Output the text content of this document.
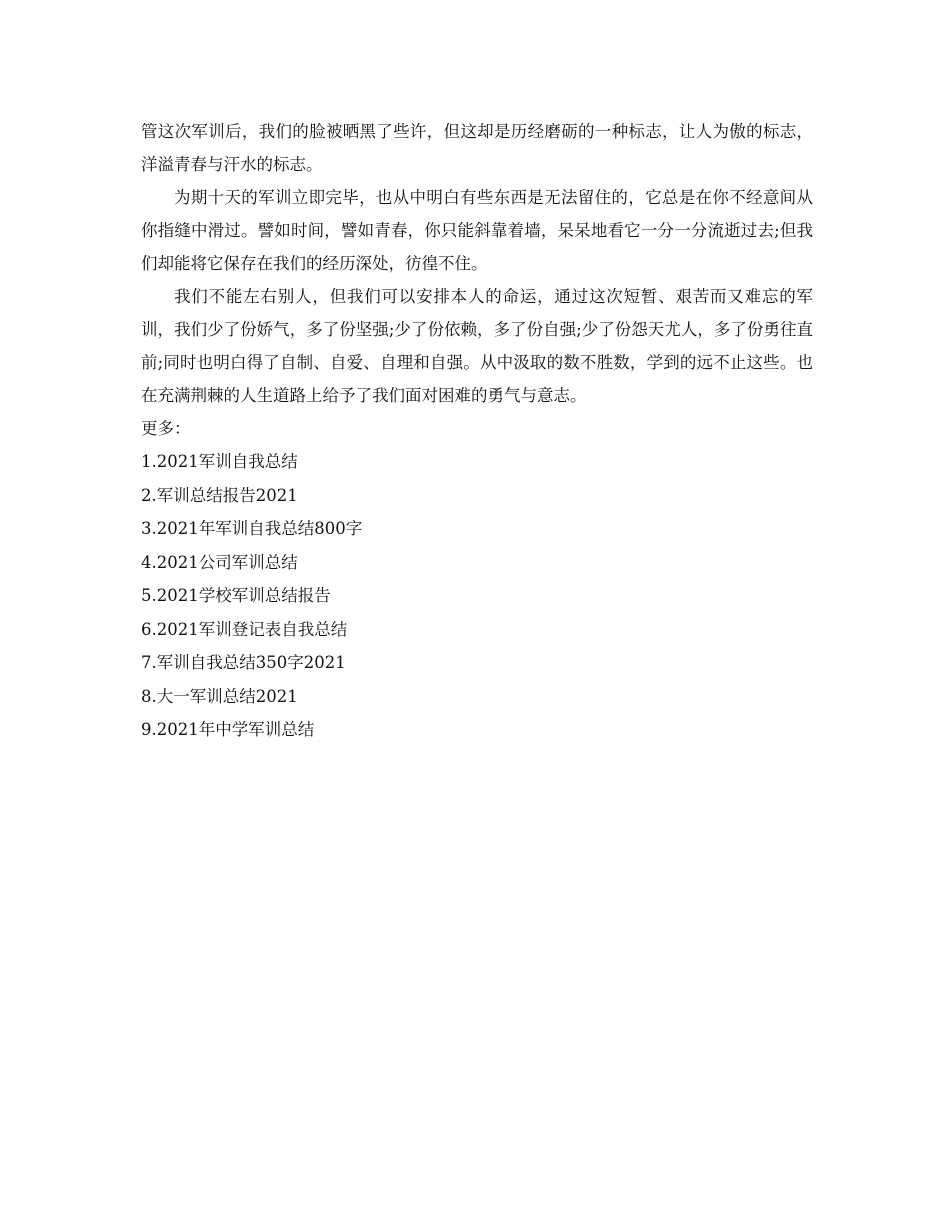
管这次军训后，我们的脸被晒黑了些许，但这却是历经磨砺的一种标志，让人为傲的标志，洋溢青春与汗水的标志。

为期十天的军训立即完毕，也从中明白有些东西是无法留住的，它总是在你不经意间从你指缝中滑过。譬如时间，譬如青春，你只能斜靠着墙，呆呆地看它一分一分流逝过去;但我们却能将它保存在我们的经历深处，彷徨不住。

我们不能左右别人，但我们可以安排本人的命运，通过这次短暂、艰苦而又难忘的军训，我们少了份娇气，多了份坚强;少了份依赖，多了份自强;少了份怨天尤人，多了份勇往直前;同时也明白得了自制、自爱、自理和自强。从中汲取的数不胜数，学到的远不止这些。也在充满荆棘的人生道路上给予了我们面对困难的勇气与意志。

更多：

1.2021军训自我总结
2.军训总结报告2021
3.2021年军训自我总结800字
4.2021公司军训总结
5.2021学校军训总结报告
6.2021军训登记表自我总结
7.军训自我总结350字2021
8.大一军训总结2021
9.2021年中学军训总结
